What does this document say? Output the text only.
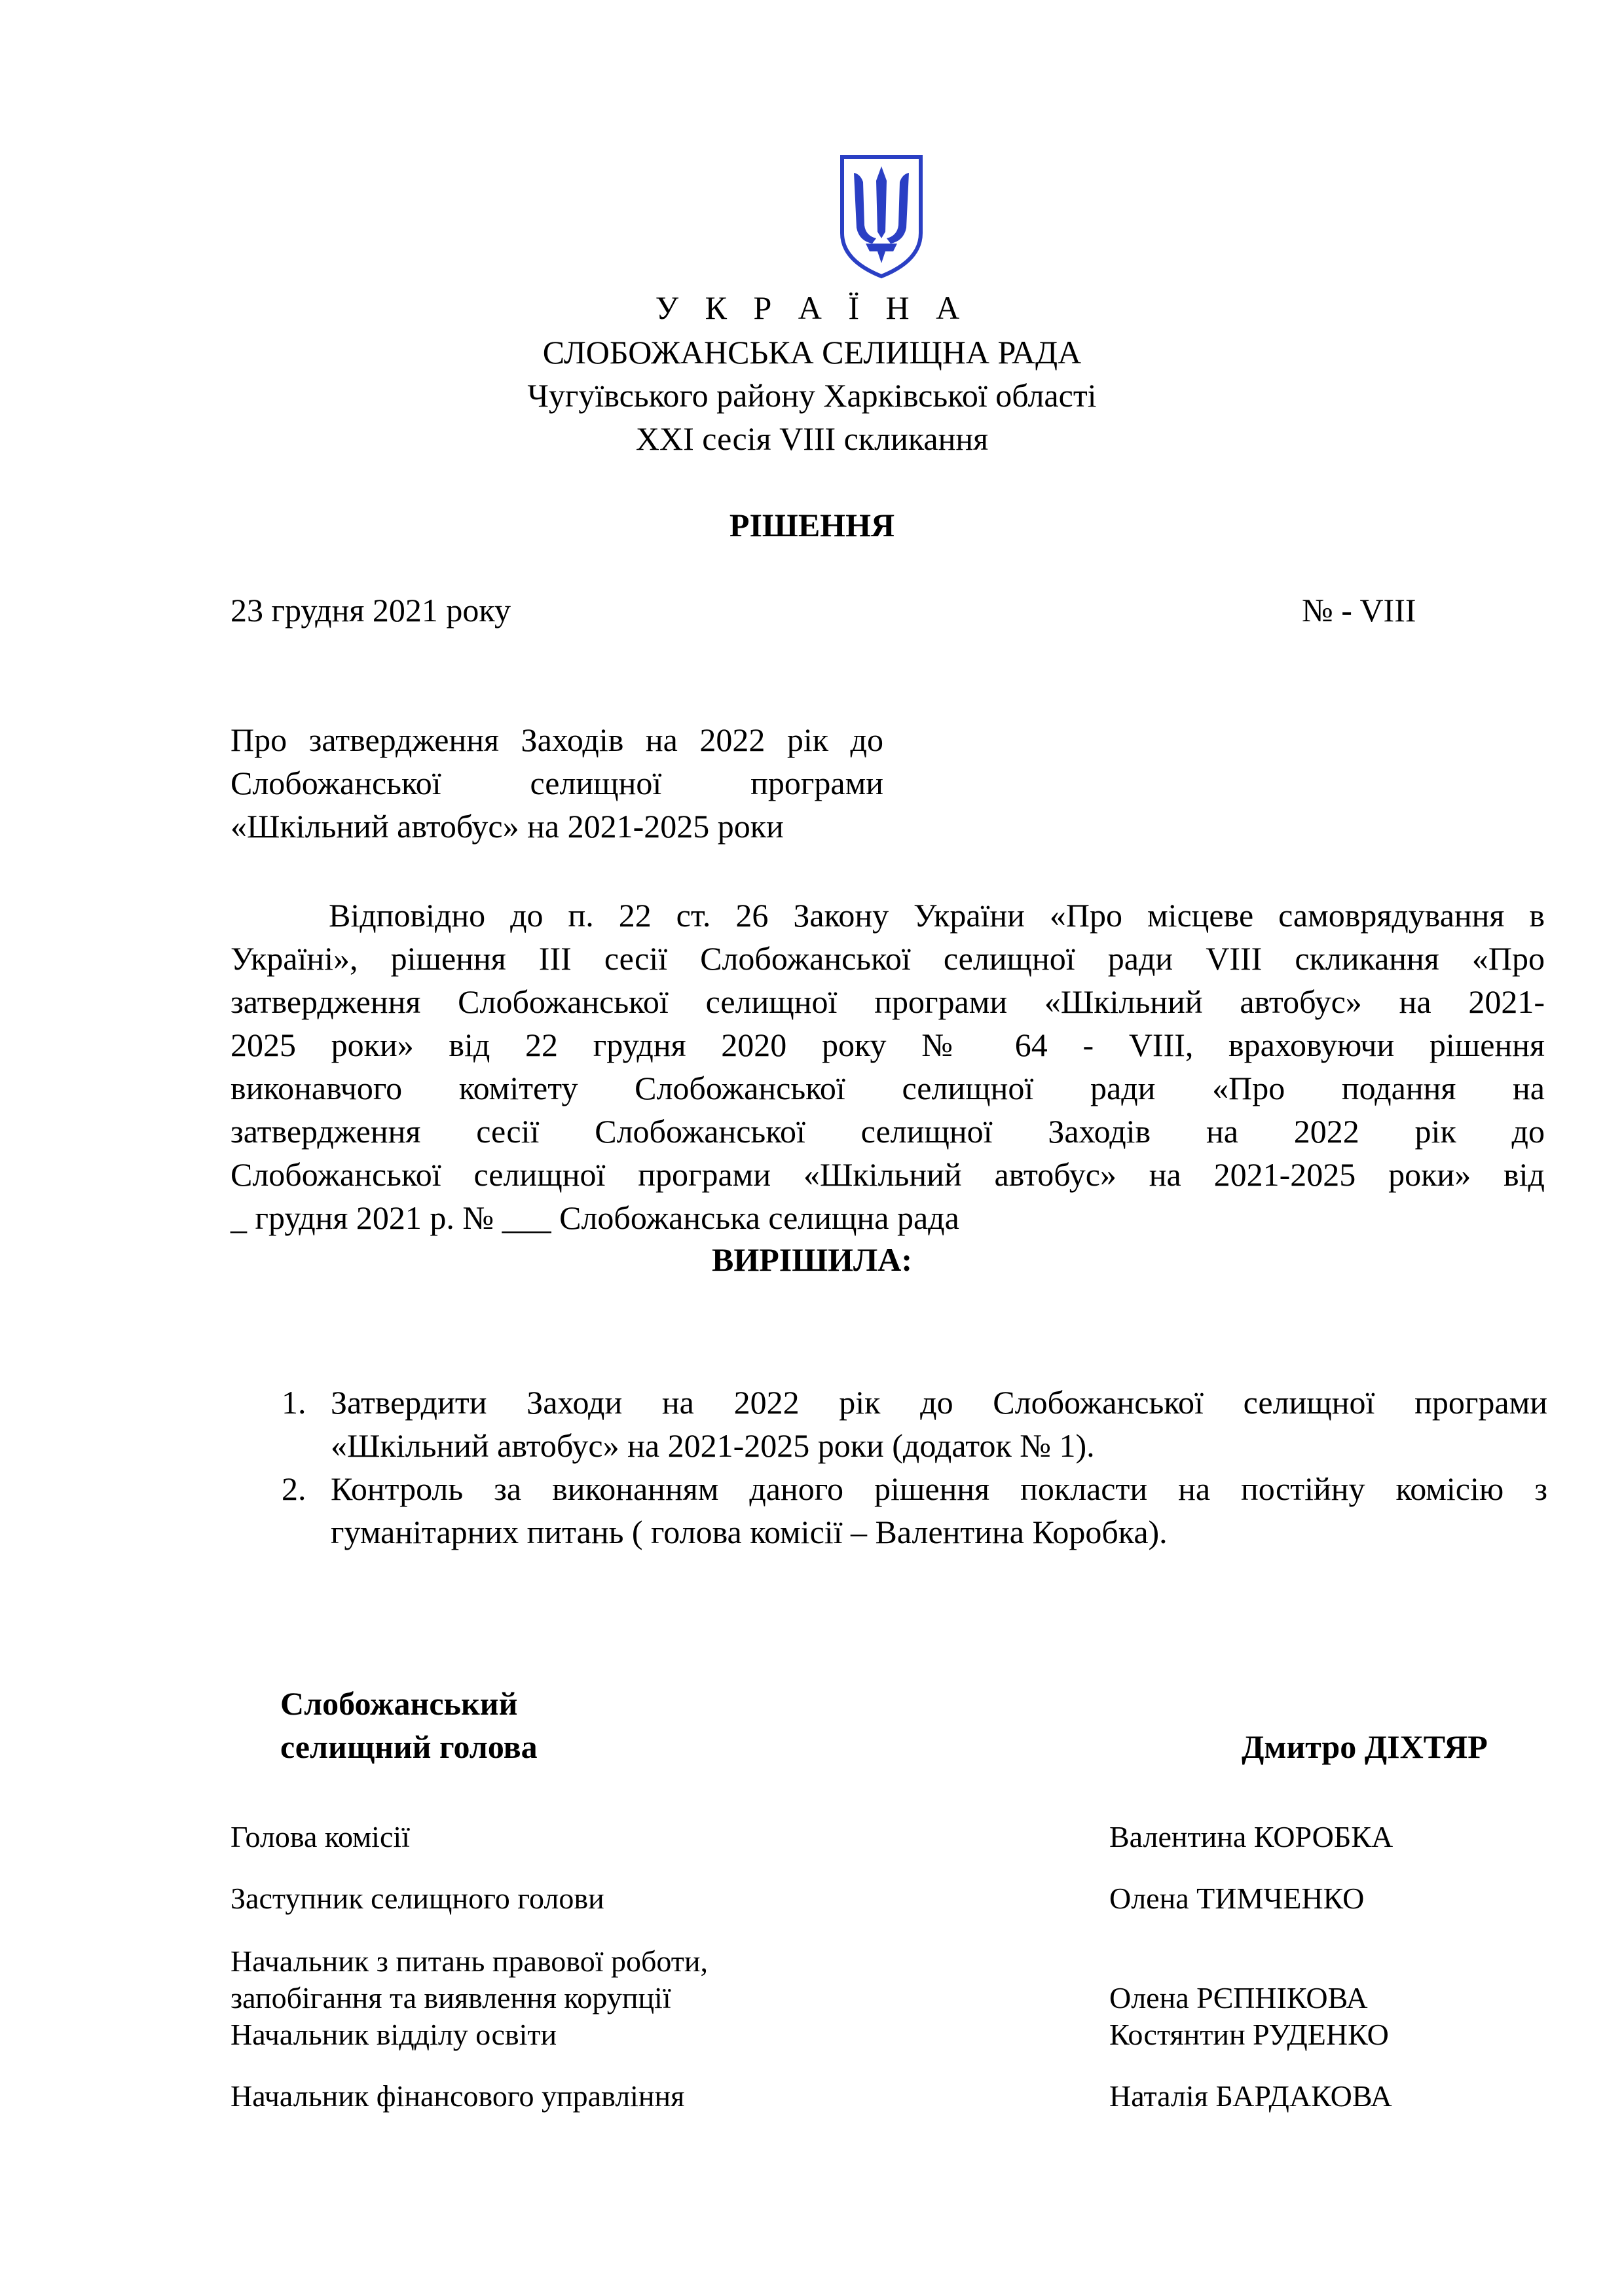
У К Р А Ї Н А
СЛОБОЖАНСЬКА СЕЛИЩНА РАДА
Чугуївського району Харківської області
XXI сесія VIII скликання
РІШЕННЯ
23 грудня 2021 року	№ - VIII
Про затвердження Заходів на 2022 рік до
Слобожанської селищної програми
«Шкільний автобус» на 2021-2025 роки
Відповідно до п. 22 ст. 26 Закону України «Про місцеве самоврядування в
Україні», рішення ІІІ сесії Слобожанської селищної ради VIIІ скликання «Про
затвердження Слобожанської селищної програми «Шкільний автобус» на 2021-
2025 роки» від 22 грудня 2020 року № 64 - VIII, враховуючи рішення
виконавчого комітету Слобожанської селищної ради «Про подання на
затвердження сесії Слобожанської селищної Заходів на 2022 рік до
Слобожанської селищної програми «Шкільний автобус» на 2021-2025 роки» від
_ грудня 2021 р. № ___ Слобожанська селищна рада
ВИРІШИЛА:
1. Затвердити Заходи на 2022 рік до Слобожанської селищної програми
«Шкільний автобус» на 2021-2025 роки (додаток № 1).
2. Контроль за виконанням даного рішення покласти на постійну комісію з
гуманітарних питань ( голова комісії – Валентина Коробка).
Слобожанський
селищний голова	Дмитро ДІХТЯР
Голова комісії	Валентина КОРОБКА
Заступник селищного голови	Олена ТИМЧЕНКО
Начальник з питань правової роботи,
запобігання та виявлення корупції	Олена РЄПНІКОВА
Начальник відділу освіти	Костянтин РУДЕНКО
Начальник фінансового управління	Наталія БАРДАКОВА
